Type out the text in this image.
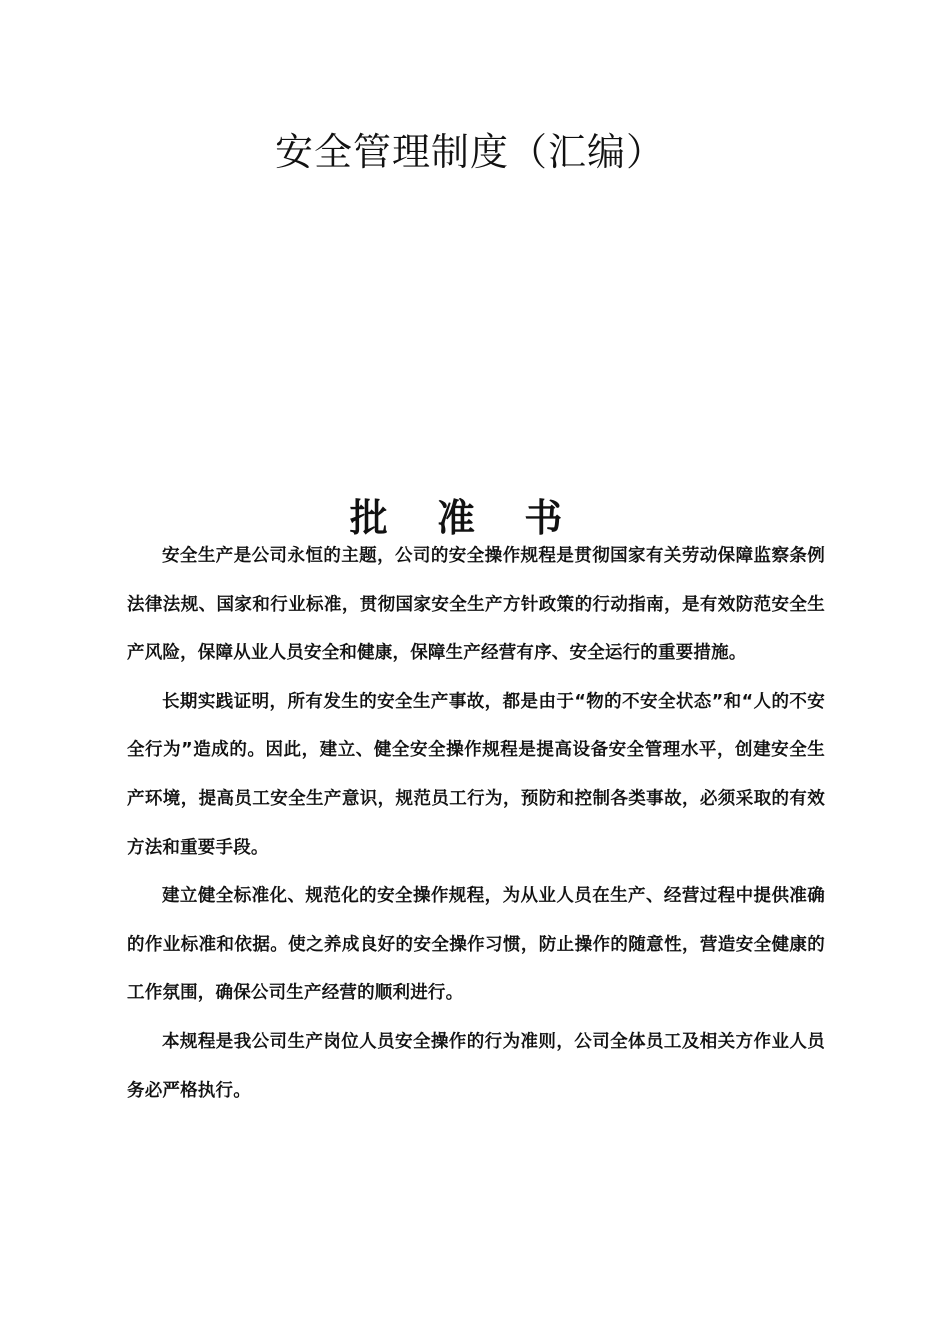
安全管理制度（汇编）
批 准 书

安全生产是公司永恒的主题，公司的安全操作规程是贯彻国家有关劳动保障监察条例法律法规、国家和行业标准，贯彻国家安全生产方针政策的行动指南，是有效防范安全生产风险，保障从业人员安全和健康，保障生产经营有序、安全运行的重要措施。

长期实践证明，所有发生的安全生产事故，都是由于“物的不安全状态”和“人的不安全行为”造成的。因此，建立、健全安全操作规程是提高设备安全管理水平，创建安全生产环境，提高员工安全生产意识，规范员工行为，预防和控制各类事故，必须采取的有效方法和重要手段。

建立健全标准化、规范化的安全操作规程，为从业人员在生产、经营过程中提供准确的作业标准和依据。使之养成良好的安全操作习惯，防止操作的随意性，营造安全健康的工作氛围，确保公司生产经营的顺利进行。

本规程是我公司生产岗位人员安全操作的行为准则，公司全体员工及相关方作业人员务必严格执行。
